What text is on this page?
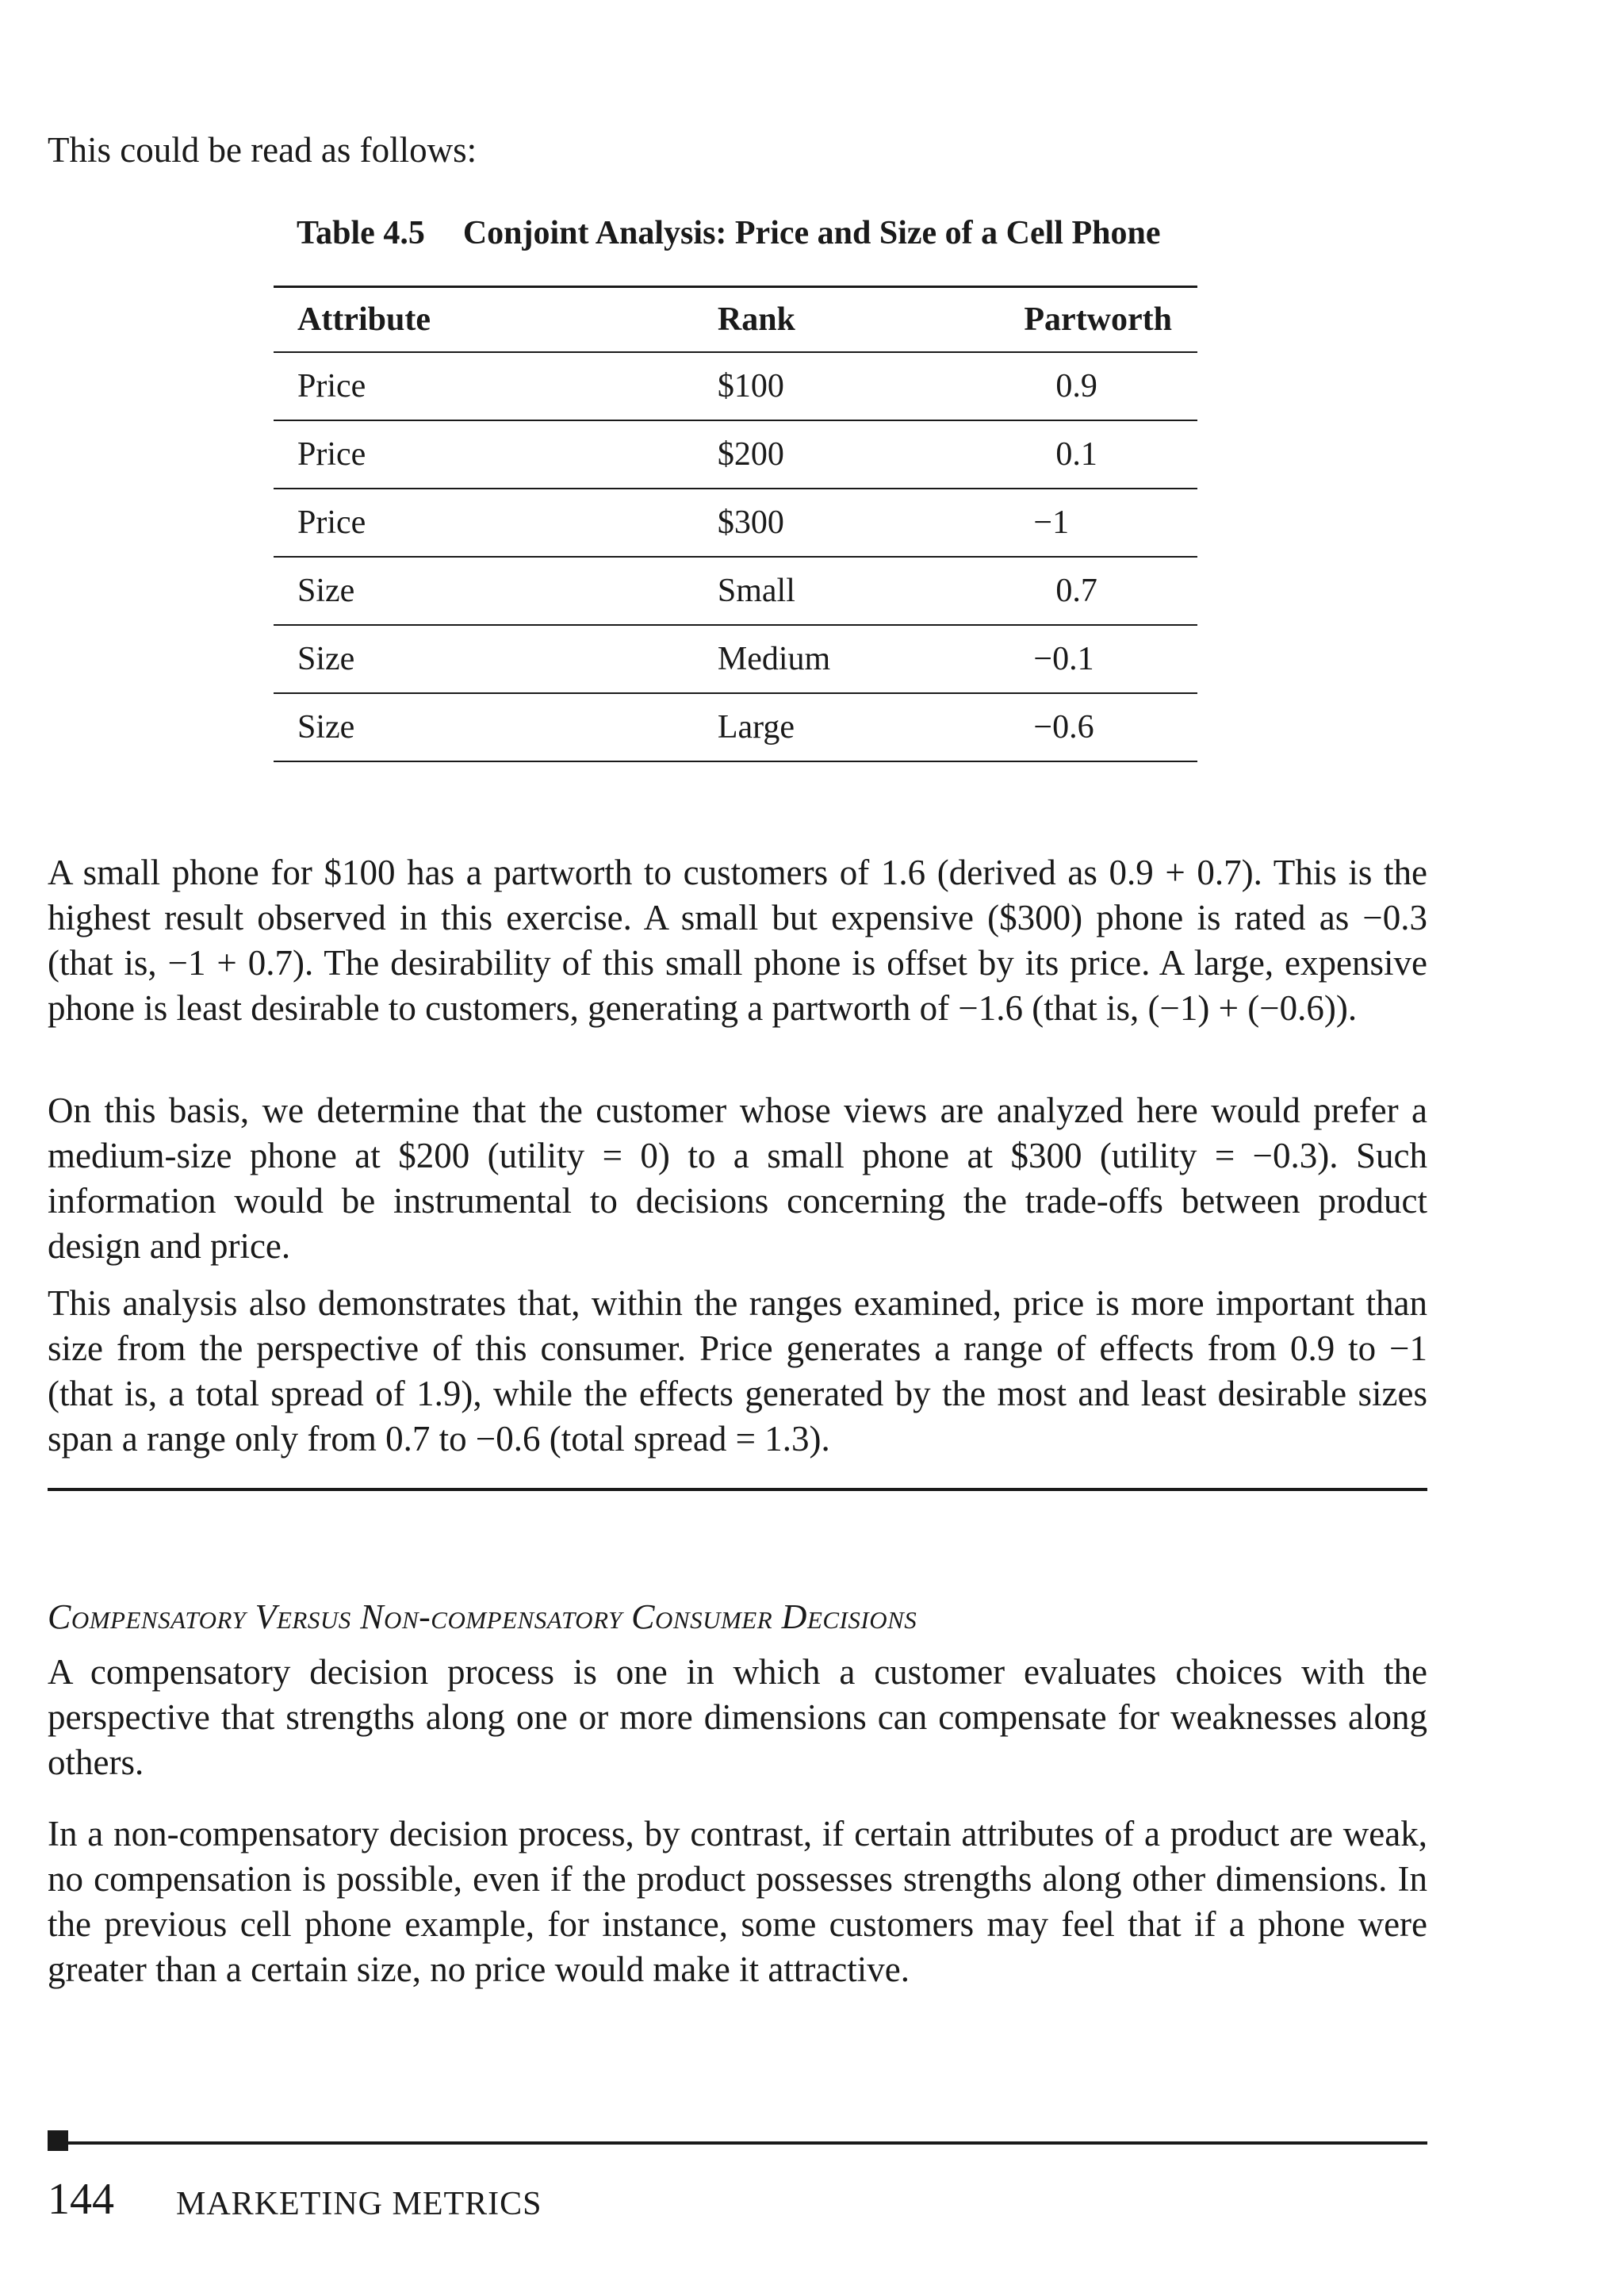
This could be read as follows:
Table 4.5 Conjoint Analysis: Price and Size of a Cell Phone
Attribute	Rank	Partworth
Price	$100	0.9
Price	$200	0.1
Price	$300	−1
Size	Small	0.7
Size	Medium	−0.1
Size	Large	−0.6
A small phone for $100 has a partworth to customers of 1.6 (derived as 0.9 + 0.7). This is the highest result observed in this exercise. A small but expensive ($300) phone is rated as −0.3 (that is, −1 + 0.7). The desirability of this small phone is offset by its price. A large, expensive phone is least desirable to customers, generating a partworth of −1.6 (that is, (−1) + (−0.6)).
On this basis, we determine that the customer whose views are analyzed here would prefer a medium-size phone at $200 (utility = 0) to a small phone at $300 (utility = −0.3). Such information would be instrumental to decisions concerning the trade-offs between product design and price.
This analysis also demonstrates that, within the ranges examined, price is more important than size from the perspective of this consumer. Price generates a range of effects from 0.9 to −1 (that is, a total spread of 1.9), while the effects generated by the most and least desirable sizes span a range only from 0.7 to −0.6 (total spread = 1.3).
Compensatory Versus Non-compensatory Consumer Decisions
A compensatory decision process is one in which a customer evaluates choices with the perspective that strengths along one or more dimensions can compensate for weaknesses along others.
In a non-compensatory decision process, by contrast, if certain attributes of a product are weak, no compensation is possible, even if the product possesses strengths along other dimensions. In the previous cell phone example, for instance, some customers may feel that if a phone were greater than a certain size, no price would make it attractive.
144 MARKETING METRICS
